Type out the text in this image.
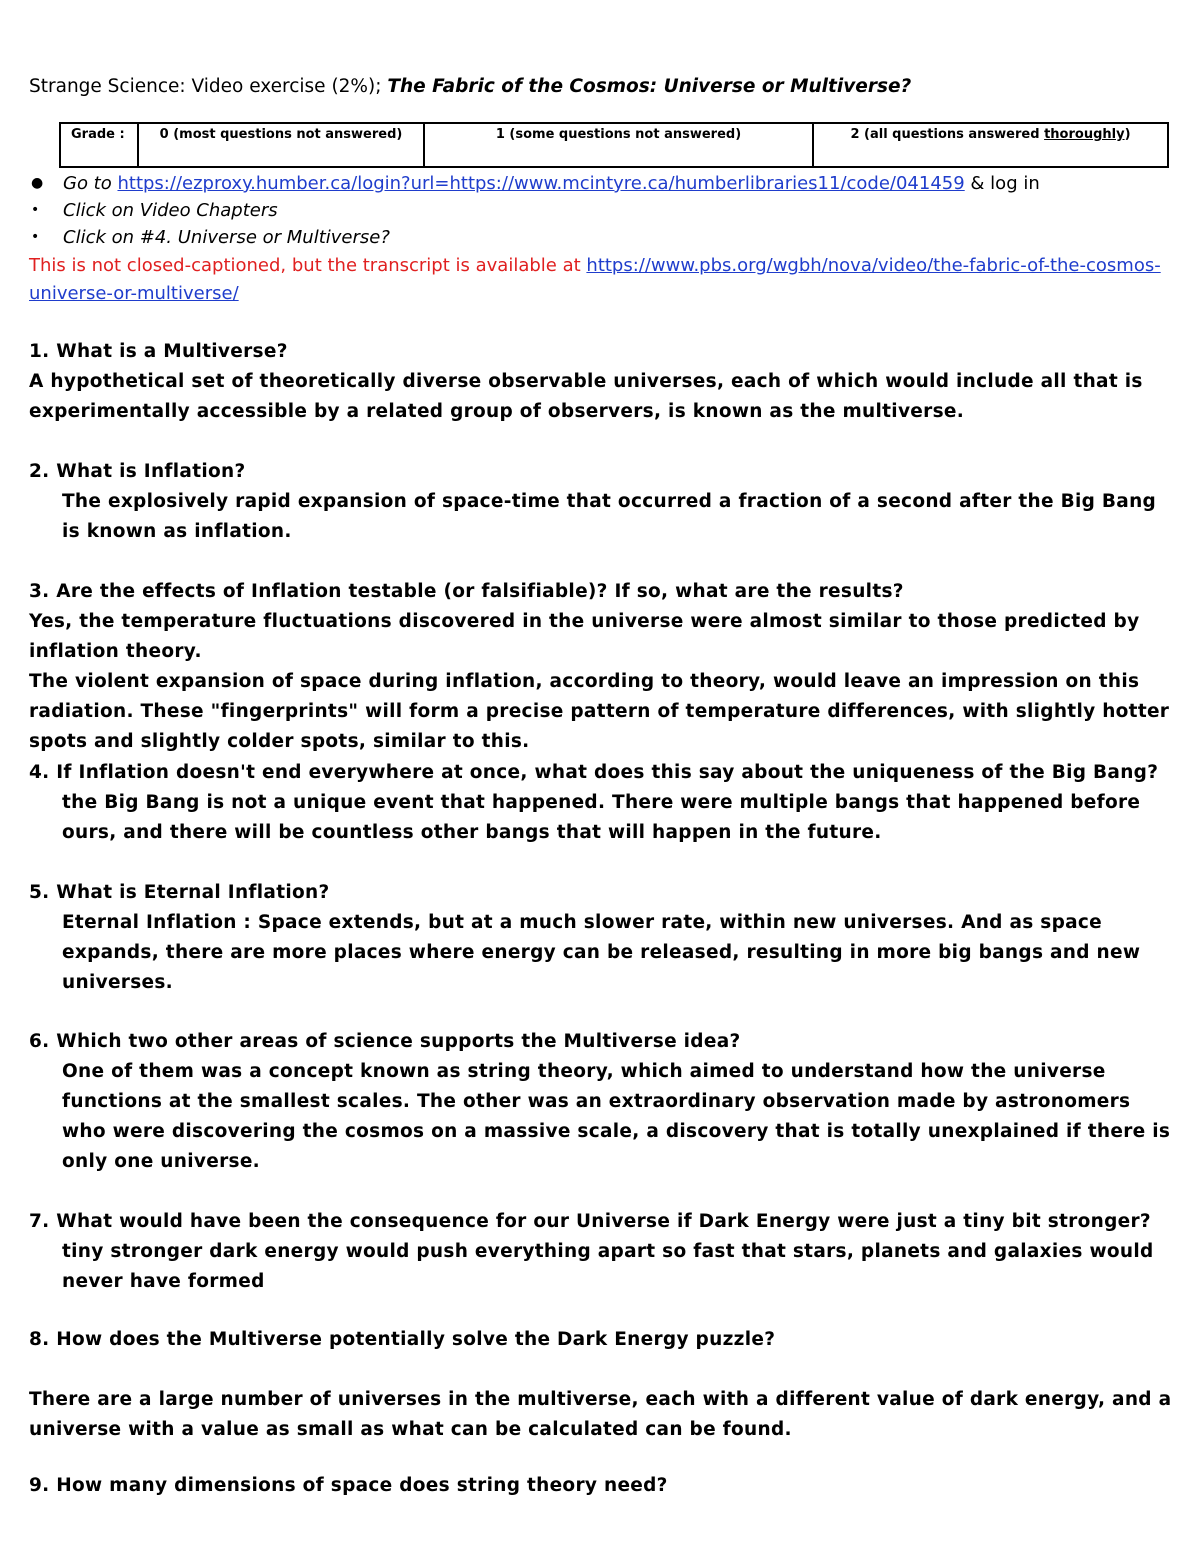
Strange Science: Video exercise (2%); The Fabric of the Cosmos: Universe or Multiverse?
Grade :	0 (most questions not answered)	1 (some questions not answered)	2 (all questions answered thoroughly)
● Go to https://ezproxy.humber.ca/login?url=https://www.mcintyre.ca/humberlibraries11/code/041459 & log in
• Click on Video Chapters
• Click on #4. Universe or Multiverse?
This is not closed-captioned, but the transcript is available at https://www.pbs.org/wgbh/nova/video/the-fabric-of-the-cosmos-universe-or-multiverse/
1. What is a Multiverse?
A hypothetical set of theoretically diverse observable universes, each of which would include all that is experimentally accessible by a related group of observers, is known as the multiverse.
2. What is Inflation?
The explosively rapid expansion of space-time that occurred a fraction of a second after the Big Bang is known as inflation.
3. Are the effects of Inflation testable (or falsifiable)? If so, what are the results?
Yes, the temperature fluctuations discovered in the universe were almost similar to those predicted by inflation theory.
The violent expansion of space during inflation, according to theory, would leave an impression on this radiation. These "fingerprints" will form a precise pattern of temperature differences, with slightly hotter spots and slightly colder spots, similar to this.
4. If Inflation doesn't end everywhere at once, what does this say about the uniqueness of the Big Bang?
the Big Bang is not a unique event that happened. There were multiple bangs that happened before ours, and there will be countless other bangs that will happen in the future.
5. What is Eternal Inflation?
Eternal Inflation : Space extends, but at a much slower rate, within new universes. And as space expands, there are more places where energy can be released, resulting in more big bangs and new universes.
6. Which two other areas of science supports the Multiverse idea?
One of them was a concept known as string theory, which aimed to understand how the universe functions at the smallest scales. The other was an extraordinary observation made by astronomers who were discovering the cosmos on a massive scale, a discovery that is totally unexplained if there is only one universe.
7. What would have been the consequence for our Universe if Dark Energy were just a tiny bit stronger?
tiny stronger dark energy would push everything apart so fast that stars, planets and galaxies would never have formed
8. How does the Multiverse potentially solve the Dark Energy puzzle?
There are a large number of universes in the multiverse, each with a different value of dark energy, and a universe with a value as small as what can be calculated can be found.
9. How many dimensions of space does string theory need?
